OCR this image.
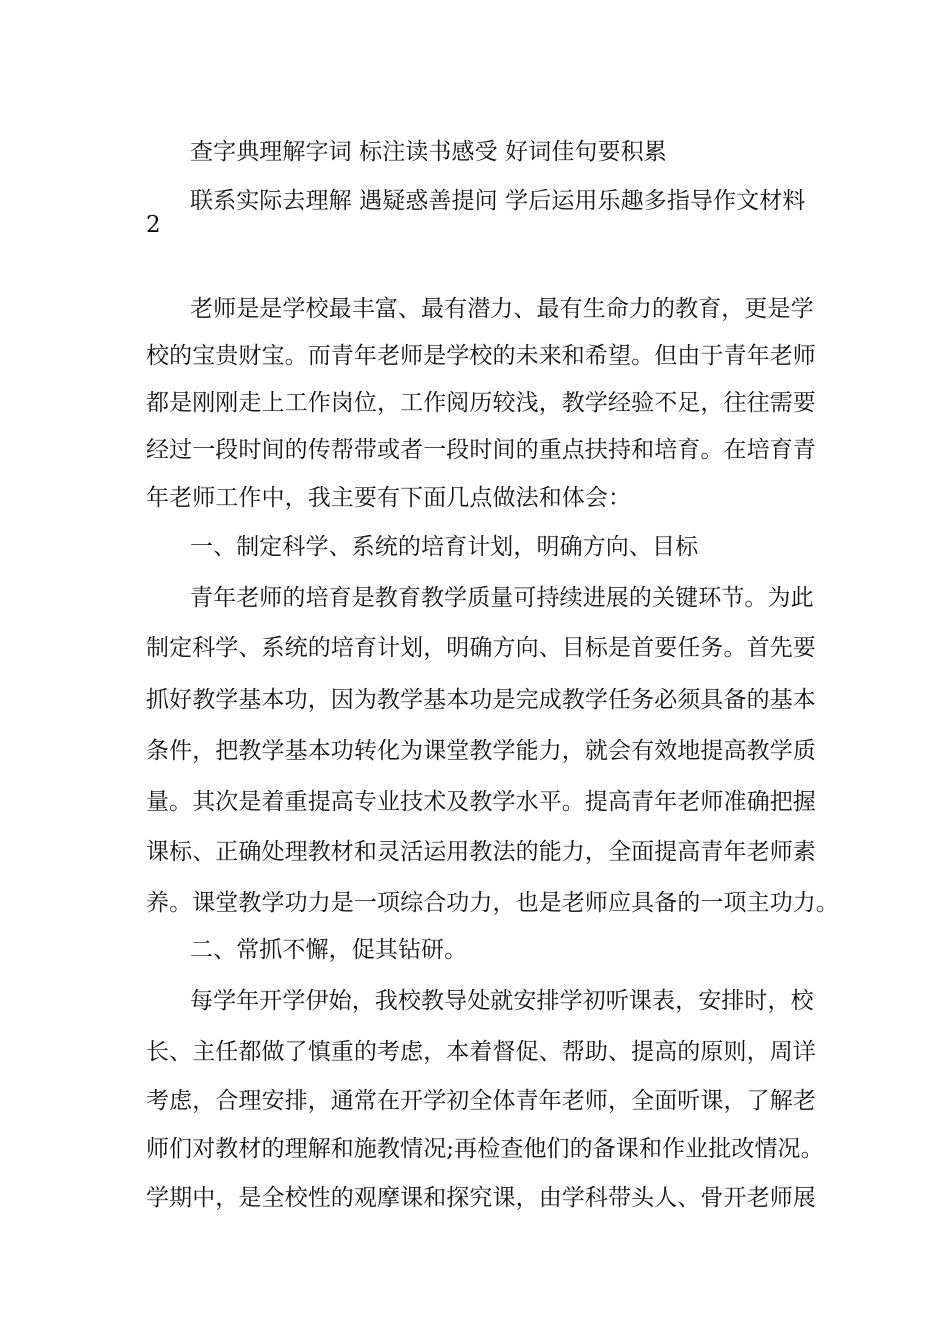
查字典理解字词 标注读书感受 好词佳句要积累
联系实际去理解 遇疑惑善提问 学后运用乐趣多指导作文材料
2
老师是是学校最丰富、最有潜力、最有生命力的教育，更是学
校的宝贵财宝。而青年老师是学校的未来和希望。但由于青年老师
都是刚刚走上工作岗位，工作阅历较浅，教学经验不足，往往需要
经过一段时间的传帮带或者一段时间的重点扶持和培育。在培育青
年老师工作中，我主要有下面几点做法和体会：
一、制定科学、系统的培育计划，明确方向、目标
青年老师的培育是教育教学质量可持续进展的关键环节。为此
制定科学、系统的培育计划，明确方向、目标是首要任务。首先要
抓好教学基本功，因为教学基本功是完成教学任务必须具备的基本
条件，把教学基本功转化为课堂教学能力，就会有效地提高教学质
量。其次是着重提高专业技术及教学水平。提高青年老师准确把握
课标、正确处理教材和灵活运用教法的能力，全面提高青年老师素
养。课堂教学功力是一项综合功力，也是老师应具备的一项主功力。
二、常抓不懈，促其钻研。
每学年开学伊始，我校教导处就安排学初听课表，安排时，校
长、主任都做了慎重的考虑，本着督促、帮助、提高的原则，周详
考虑，合理安排，通常在开学初全体青年老师，全面听课，了解老
师们对教材的理解和施教情况;再检查他们的备课和作业批改情况。
学期中，是全校性的观摩课和探究课，由学科带头人、骨开老师展
